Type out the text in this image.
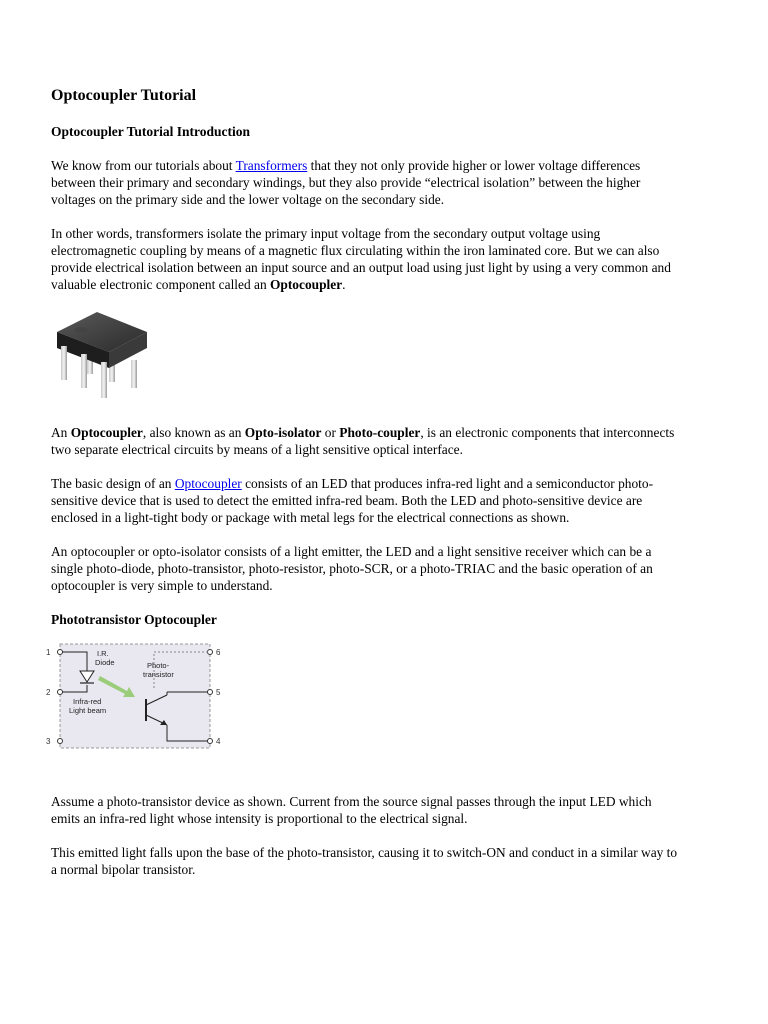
Optocoupler Tutorial
Optocoupler Tutorial Introduction

We know from our tutorials about Transformers that they not only provide higher or lower voltage differences between their primary and secondary windings, but they also provide “electrical isolation” between the higher voltages on the primary side and the lower voltage on the secondary side.

In other words, transformers isolate the primary input voltage from the secondary output voltage using electromagnetic coupling by means of a magnetic flux circulating within the iron laminated core. But we can also provide electrical isolation between an input source and an output load using just light by using a very common and valuable electronic component called an Optocoupler.

An Optocoupler, also known as an Opto-isolator or Photo-coupler, is an electronic components that interconnects two separate electrical circuits by means of a light sensitive optical interface.

The basic design of an Optocoupler consists of an LED that produces infra-red light and a semiconductor photo-sensitive device that is used to detect the emitted infra-red beam. Both the LED and photo-sensitive device are enclosed in a light-tight body or package with metal legs for the electrical connections as shown.

An optocoupler or opto-isolator consists of a light emitter, the LED and a light sensitive receiver which can be a single photo-diode, photo-transistor, photo-resistor, photo-SCR, or a photo-TRIAC and the basic operation of an optocoupler is very simple to understand.

Phototransistor Optocoupler
1
2
3	4
5
6
I.R.
Diode	Photo-
transistor
Infra-red
Light beam

Assume a photo-transistor device as shown. Current from the source signal passes through the input LED which emits an infra-red light whose intensity is proportional to the electrical signal.

This emitted light falls upon the base of the photo-transistor, causing it to switch-ON and conduct in a similar way to a normal bipolar transistor.
